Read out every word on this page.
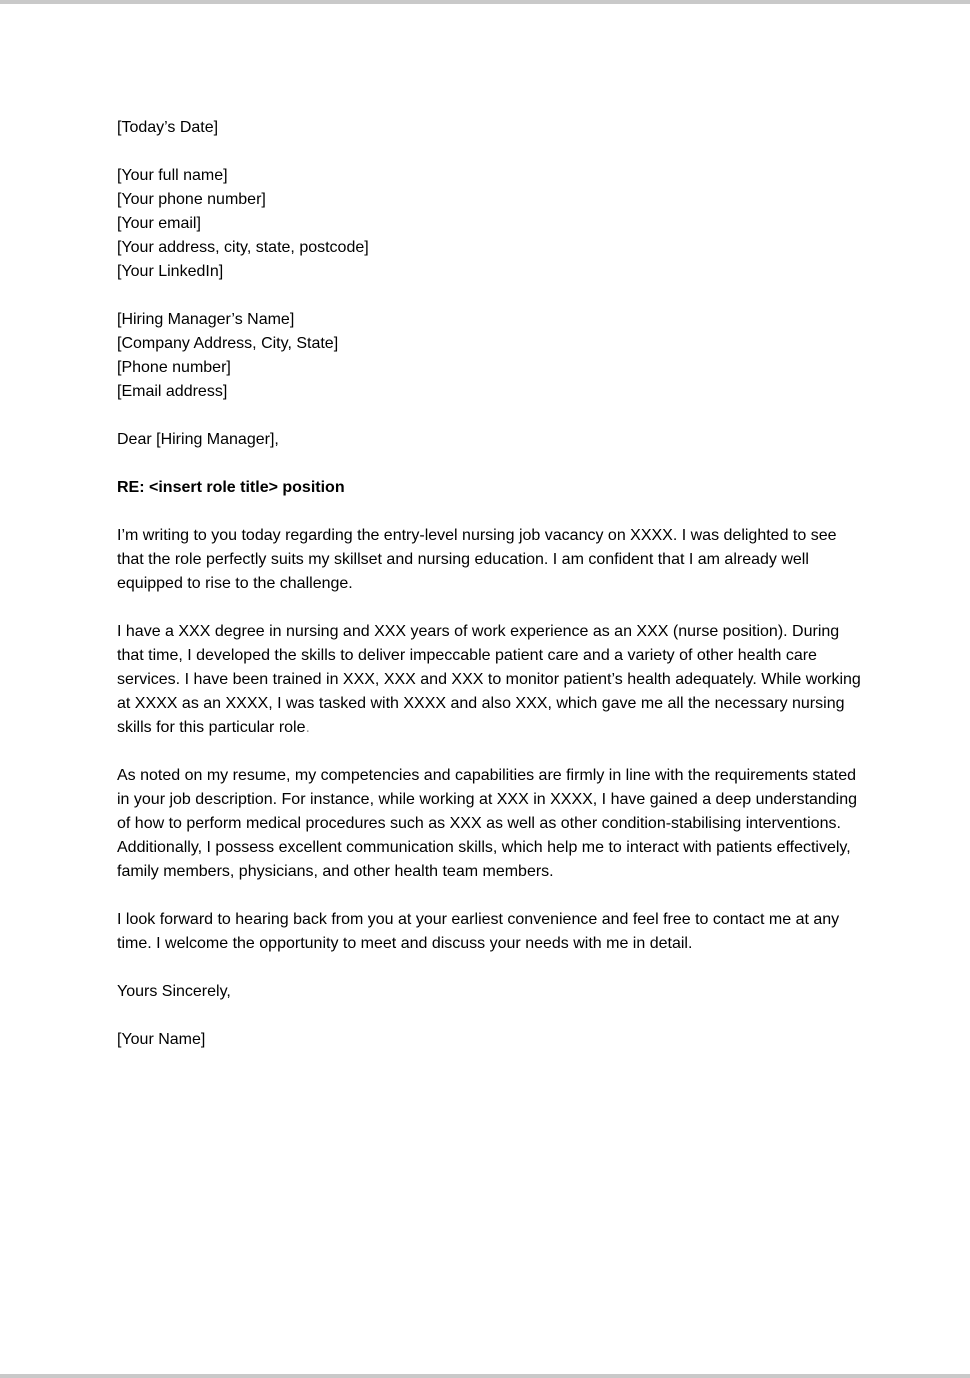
[Today’s Date]
[Your full name]
[Your phone number]
[Your email]
[Your address, city, state, postcode]
[Your LinkedIn]
[Hiring Manager’s Name]
[Company Address, City, State]
[Phone number]
[Email address]
Dear [Hiring Manager],
RE: <insert role title> position
I’m writing to you today regarding the entry-level nursing job vacancy on XXXX. I was delighted to see that the role perfectly suits my skillset and nursing education. I am confident that I am already well equipped to rise to the challenge.
I have a XXX degree in nursing and XXX years of work experience as an XXX (nurse position). During that time, I developed the skills to deliver impeccable patient care and a variety of other health care services. I have been trained in XXX, XXX and XXX to monitor patient’s health adequately. While working at XXXX as an XXXX, I was tasked with XXXX and also XXX, which gave me all the necessary nursing skills for this particular role.
As noted on my resume, my competencies and capabilities are firmly in line with the requirements stated in your job description. For instance, while working at XXX in XXXX, I have gained a deep understanding of how to perform medical procedures such as XXX as well as other condition-stabilising interventions. Additionally, I possess excellent communication skills, which help me to interact with patients effectively, family members, physicians, and other health team members.
I look forward to hearing back from you at your earliest convenience and feel free to contact me at any time. I welcome the opportunity to meet and discuss your needs with me in detail.
Yours Sincerely,
[Your Name]
